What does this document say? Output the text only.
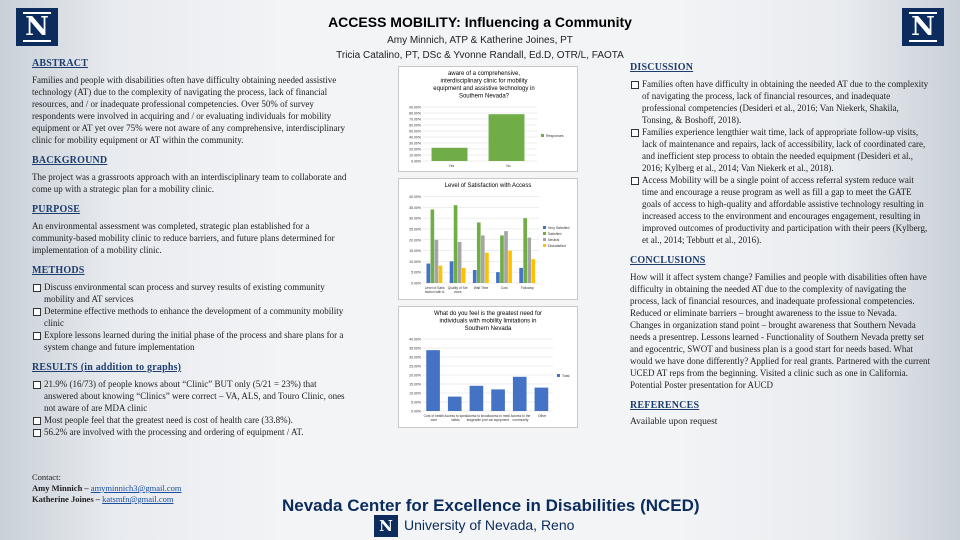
N	N
ACCESS MOBILITY: Influencing a Community
Amy Minnich, ATP & Katherine Joines, PT
Tricia Catalino, PT, DSc & Yvonne Randall, Ed.D, OTR/L, FAOTA
ABSTRACT

Families and people with disabilities often have difficulty obtaining needed assistive technology (AT) due to the complexity of navigating the process, lack of financial resources, and / or inadequate professional competencies. Over 50% of survey respondents were involved in acquiring and / or evaluating individuals for mobility equipment or AT yet over 75% were not aware of any comprehensive, interdisciplinary clinic for mobility equipment or AT within the community.

BACKGROUND

The project was a grassroots approach with an interdisciplinary team to collaborate and come up with a strategic plan for a mobility clinic.

PURPOSE

An environmental assessment was completed, strategic plan established for a community-based mobility clinic to reduce barriers, and future plans determined for implementation of a mobility clinic.

METHODS
Discuss environmental scan process and survey results of existing community mobility and AT services
Determine effective methods to enhance the development of a community mobility clinic
Explore lessons learned during the initial phase of the process and share plans for a system change and future implementation
RESULTS (in addition to graphs)
21.9% (16/73) of people knows about “Clinic” BUT only (5/21 = 23%) that answered about knowing “Clinics” were correct – VA, ALS, and Touro Clinic, ones not aware of are MDA clinic
Most people feel that the greatest need is cost of health care (33.8%).
56.2% are involved with the processing and ordering of equipment / AT.
Contact:
Amy Minnich – amyminnich3@gmail.com
Katherine Joines – katsmfn@gmail.com
aware of a comprehensive,
interdisciplinary clinic for mobility
equipment and assistive technology in
Southern Nevada?
90.00%
80.00%
70.00%
60.00%
50.00%
40.00%
30.00%
20.00%
10.00%
0.00%
Yes	No
Responses
Level of Satisfaction with Access
40.00%
35.00%
30.00%
25.00%
20.00%
15.00%
10.00%
5.00%
0.00%
Level of Satis
faction with A
Quality of Ser
vices
Wait Time	Cost	Followup
Very Satisfied
Satisfied
Neutral
Dissatisfied
What do you feel is the greatest need for
individuals with mobility limitations in
Southern Nevada
40.00%
35.00%
30.00%
25.00%
20.00%
15.00%
10.00%
5.00%
0.00%
Cost of health
care
Access to spec
ialists
Access to know
ledgeable prof
Access to medi
cal equipment
Access to the
community
Other
Total
DISCUSSION
Families often have difficulty in obtaining the needed AT due to the complexity of navigating the process, lack of financial resources, and inadequate professional competencies (Desideri et al., 2016; Van Niekerk, Shakila, Tonsing, & Boshoff, 2018).
Families experience lengthier wait time, lack of appropriate follow-up visits, lack of maintenance and repairs, lack of accessibility, lack of coordinated care, and inefficient step process to obtain the needed equipment (Desideri et al., 2016; Kylberg et al., 2014; Van Niekerk et al., 2018).
Access Mobility will be a single point of access referral system reduce wait time and encourage a reuse program as well as fill a gap to meet the GATE goals of access to high-quality and affordable assistive technology resulting in increased access to the environment and encourages engagement, resulting in improved outcomes of productivity and participation with their peers (Kylberg, et al., 2014; Tebbutt et al., 2016).
CONCLUSIONS

How will it affect system change? Families and people with disabilities often have difficulty in obtaining the needed AT due to the complexity of navigating the process, lack of financial resources, and inadequate professional competencies. Reduced or eliminate barriers – brought awareness to the issue to Nevada. Changes in organization stand point – brought awareness that Southern Nevada needs a presentrep. Lessons learned - Functionality of Southern Nevada pretty set and egocentric, SWOT and business plan is a good start for needs based. What would we have done differently? Applied for real grants. Partnered with the current UCED AT reps from the beginning. Visited a clinic such as one in California. Potential Poster presentation for AUCD

REFERENCES

Available upon request

Nevada Center for Excellence in Disabilities (NCED)
N University of Nevada, Reno
